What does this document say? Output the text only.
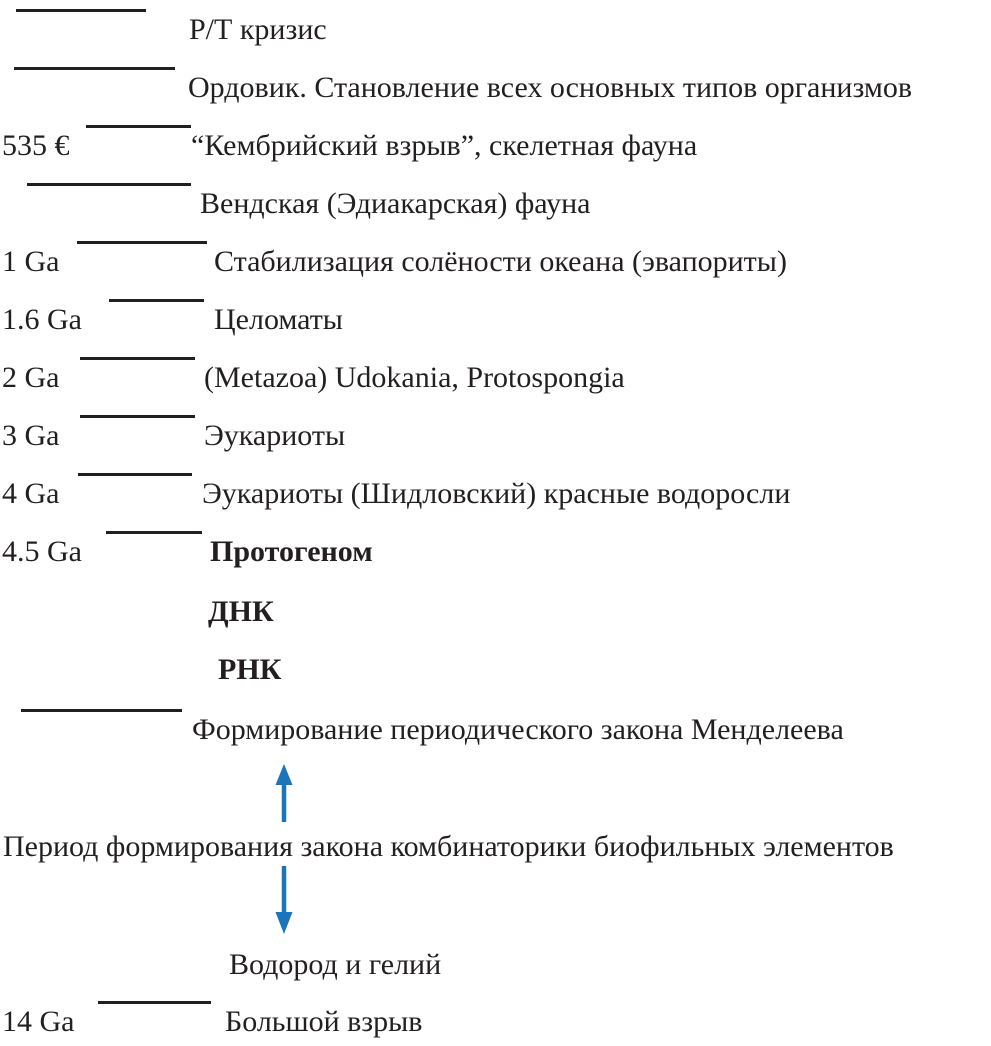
Р/Т кризис
Ордовик. Становление всех основных типов организмов
535 €	“Кембрийский взрыв”, скелетная фауна
Вендская (Эдиакарская) фауна
1 Ga	Стабилизация солёности океана (эвапориты)
1.6 Ga	Целоматы
2 Ga	(Metazoa) Udokania, Protospongia
3 Ga	Эукариоты
4 Ga	Эукариоты (Шидловский) красные водоросли
4.5 Ga	Протогеном
ДНК
РНК
Формирование периодического закона Менделеева
Период формирования закона комбинаторики биофильных элементов
Водород и гелий
14 Ga	Большой взрыв
